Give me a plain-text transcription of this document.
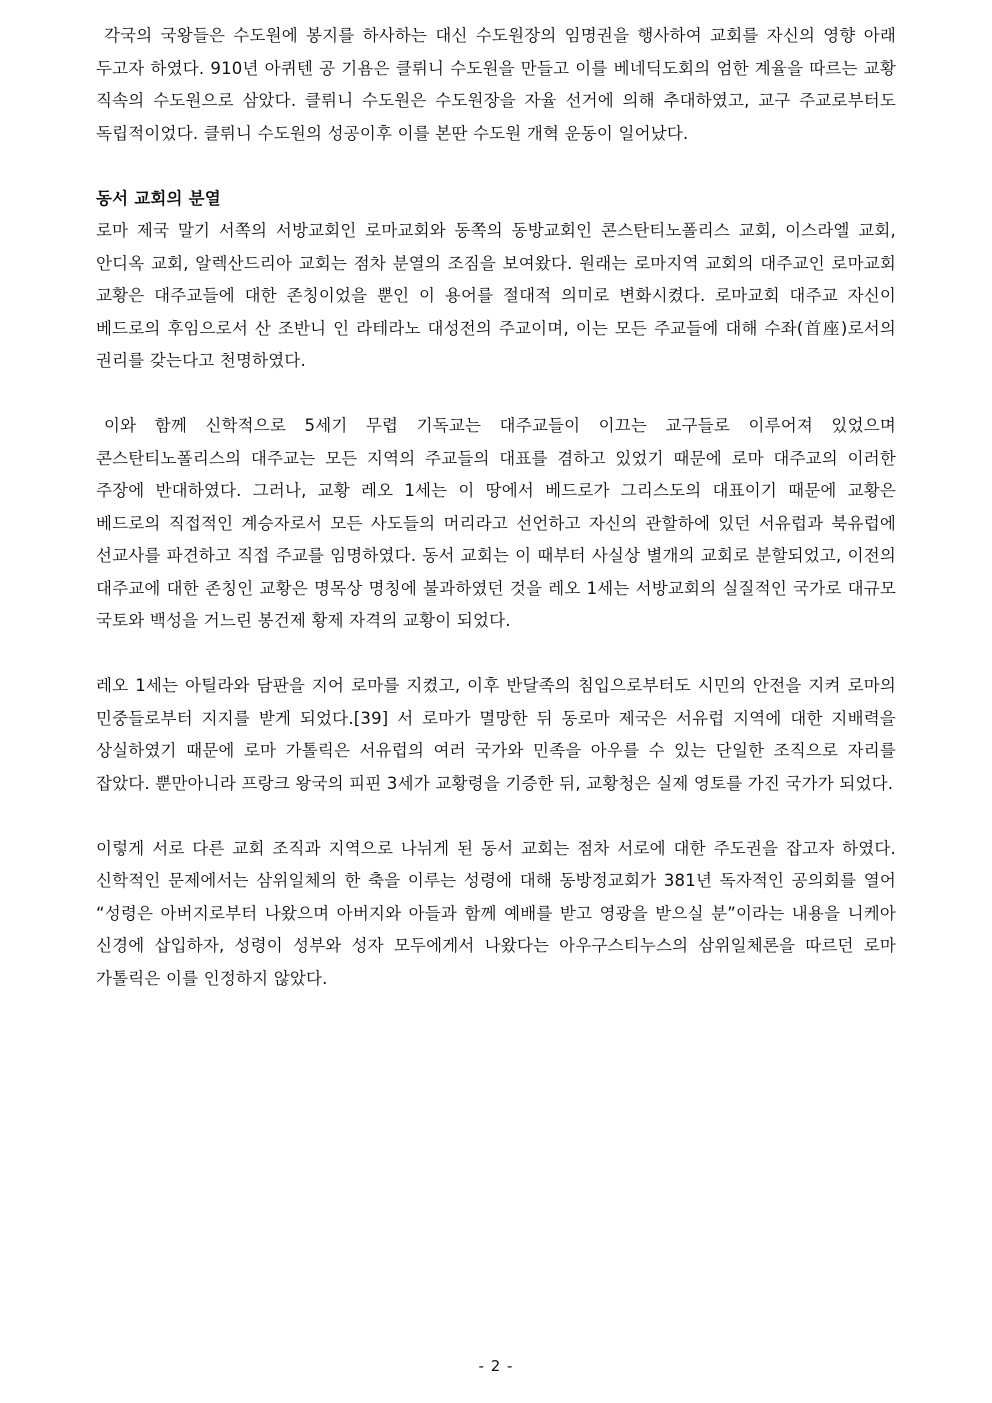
각국의 국왕들은 수도원에 봉지를 하사하는 대신 수도원장의 임명권을 행사하여 교회를 자신의 영향 아래 두고자 하였다. 910년 아퀴텐 공 기욤은 클뤼니 수도원을 만들고 이를 베네딕도회의 엄한 계율을 따르는 교황 직속의 수도원으로 삼았다. 클뤼니 수도원은 수도원장을 자율 선거에 의해 추대하였고, 교구 주교로부터도 독립적이었다. 클뤼니 수도원의 성공이후 이를 본딴 수도원 개혁 운동이 일어났다.

동서 교회의 분열

로마 제국 말기 서쪽의 서방교회인 로마교회와 동쪽의 동방교회인 콘스탄티노폴리스 교회, 이스라엘 교회, 안디옥 교회, 알렉산드리아 교회는 점차 분열의 조짐을 보여왔다. 원래는 로마지역 교회의 대주교인 로마교회 교황은 대주교들에 대한 존칭이었을 뿐인 이 용어를 절대적 의미로 변화시켰다. 로마교회 대주교 자신이 베드로의 후임으로서 산 조반니 인 라테라노 대성전의 주교이며, 이는 모든 주교들에 대해 수좌(首座)로서의 권리를 갖는다고 천명하였다.

이와 함께 신학적으로 5세기 무렵 기독교는 대주교들이 이끄는 교구들로 이루어져 있었으며 콘스탄티노폴리스의 대주교는 모든 지역의 주교들의 대표를 겸하고 있었기 때문에 로마 대주교의 이러한 주장에 반대하였다. 그러나, 교황 레오 1세는 이 땅에서 베드로가 그리스도의 대표이기 때문에 교황은 베드로의 직접적인 계승자로서 모든 사도들의 머리라고 선언하고 자신의 관할하에 있던 서유럽과 북유럽에 선교사를 파견하고 직접 주교를 임명하였다. 동서 교회는 이 때부터 사실상 별개의 교회로 분할되었고, 이전의 대주교에 대한 존칭인 교황은 명목상 명칭에 불과하였던 것을 레오 1세는 서방교회의 실질적인 국가로 대규모 국토와 백성을 거느린 봉건제 황제 자격의 교황이 되었다.

레오 1세는 아틸라와 담판을 지어 로마를 지켰고, 이후 반달족의 침입으로부터도 시민의 안전을 지켜 로마의 민중들로부터 지지를 받게 되었다.[39] 서 로마가 멸망한 뒤 동로마 제국은 서유럽 지역에 대한 지배력을 상실하였기 때문에 로마 가톨릭은 서유럽의 여러 국가와 민족을 아우를 수 있는 단일한 조직으로 자리를 잡았다. 뿐만아니라 프랑크 왕국의 피핀 3세가 교황령을 기증한 뒤, 교황청은 실제 영토를 가진 국가가 되었다.

이렇게 서로 다른 교회 조직과 지역으로 나뉘게 된 동서 교회는 점차 서로에 대한 주도권을 잡고자 하였다. 신학적인 문제에서는 삼위일체의 한 축을 이루는 성령에 대해 동방정교회가 381년 독자적인 공의회를 열어 “성령은 아버지로부터 나왔으며 아버지와 아들과 함께 예배를 받고 영광을 받으실 분”이라는 내용을 니케아 신경에 삽입하자, 성령이 성부와 성자 모두에게서 나왔다는 아우구스티누스의 삼위일체론을 따르던 로마 가톨릭은 이를 인정하지 않았다.

- 2 -
